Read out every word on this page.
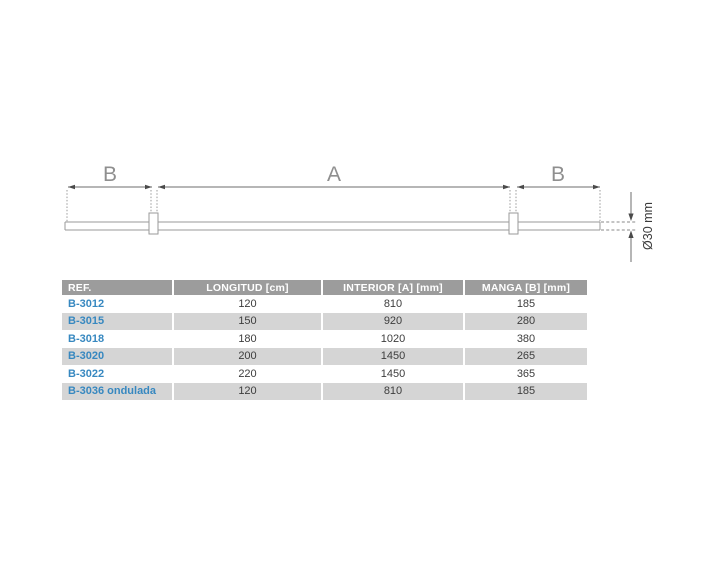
B	A	B
Ø30 mm
REF.	LONGITUD [cm]	INTERIOR [A] [mm]	MANGA [B] [mm]
B-3012	120	810	185
B-3015	150	920	280
B-3018	180	1020	380
B-3020	200	1450	265
B-3022	220	1450	365
B-3036 ondulada	120	810	185
